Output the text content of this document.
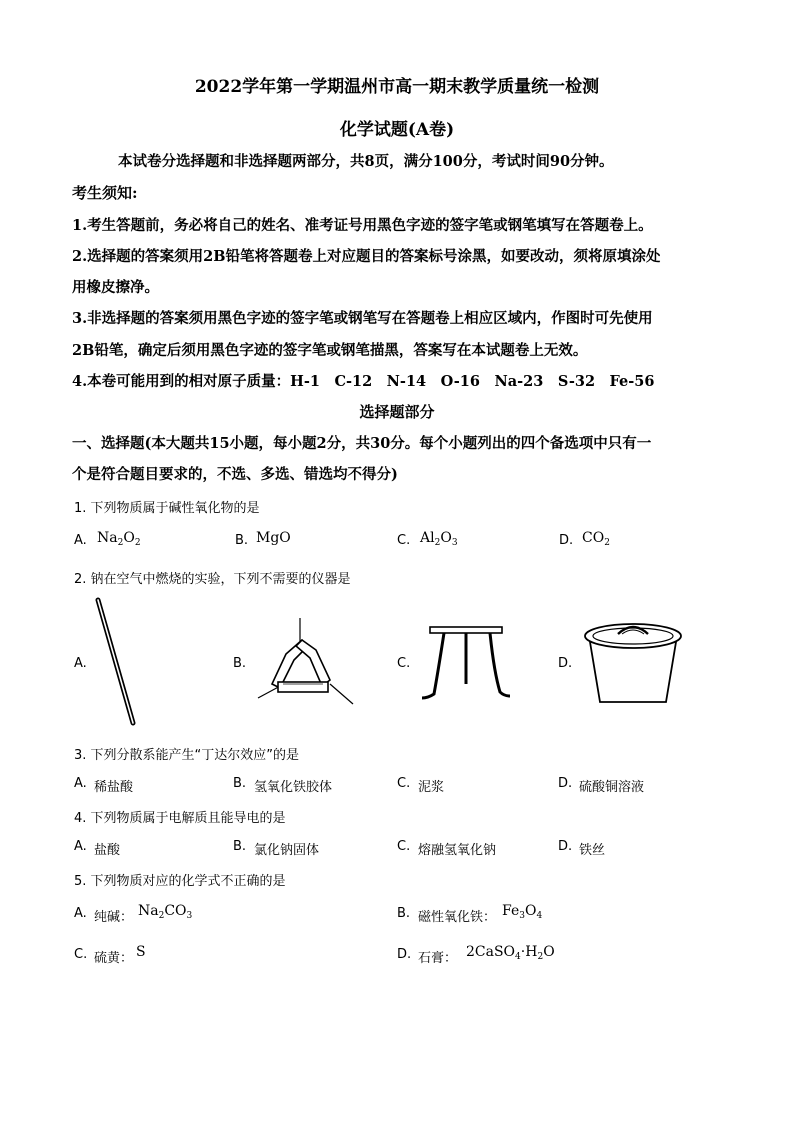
2022学年第一学期温州市高一期末教学质量统一检测
化学试题(A卷)
本试卷分选择题和非选择题两部分，共8页，满分100分，考试时间90分钟。
考生须知:
1.考生答题前，务必将自己的姓名、准考证号用黑色字迹的签字笔或钢笔填写在答题卷上。
2.选择题的答案须用2B铅笔将答题卷上对应题目的答案标号涂黑，如要改动，须将原填涂处
用橡皮擦净。
3.非选择题的答案须用黑色字迹的签字笔或钢笔写在答题卷上相应区域内，作图时可先使用
2B铅笔，确定后须用黑色字迹的签字笔或钢笔描黑，答案写在本试题卷上无效。
4.本卷可能用到的相对原子质量：H-1　C-12　N-14　O-16　Na-23　S-32　Fe-56
选择题部分
一、选择题(本大题共15小题，每小题2分，共30分。每个小题列出的四个备选项中只有一
个是符合题目要求的，不选、多选、错选均不得分)
1. 下列物质属于碱性氧化物的是
A. $Na_2O_2$	B. MgO	C. $Al_2O_3$	D. $CO_2$
2. 钠在空气中燃烧的实验，下列不需要的仪器是
A.	B.	C.	D.
3. 下列分散系能产生“丁达尔效应”的是
A. 稀盐酸	B. 氢氧化铁胶体	C. 泥浆	D. 硫酸铜溶液
4. 下列物质属于电解质且能导电的是
A. 盐酸	B. 氯化钠固体	C. 熔融氢氧化钠	D. 铁丝
5. 下列物质对应的化学式不正确的是
A. 纯碱： $Na_2CO_3$	B. 磁性氧化铁： $Fe_3O_4$
C. 硫黄： S	D. 石膏： $2CaSO_4\cdot H_2O$
